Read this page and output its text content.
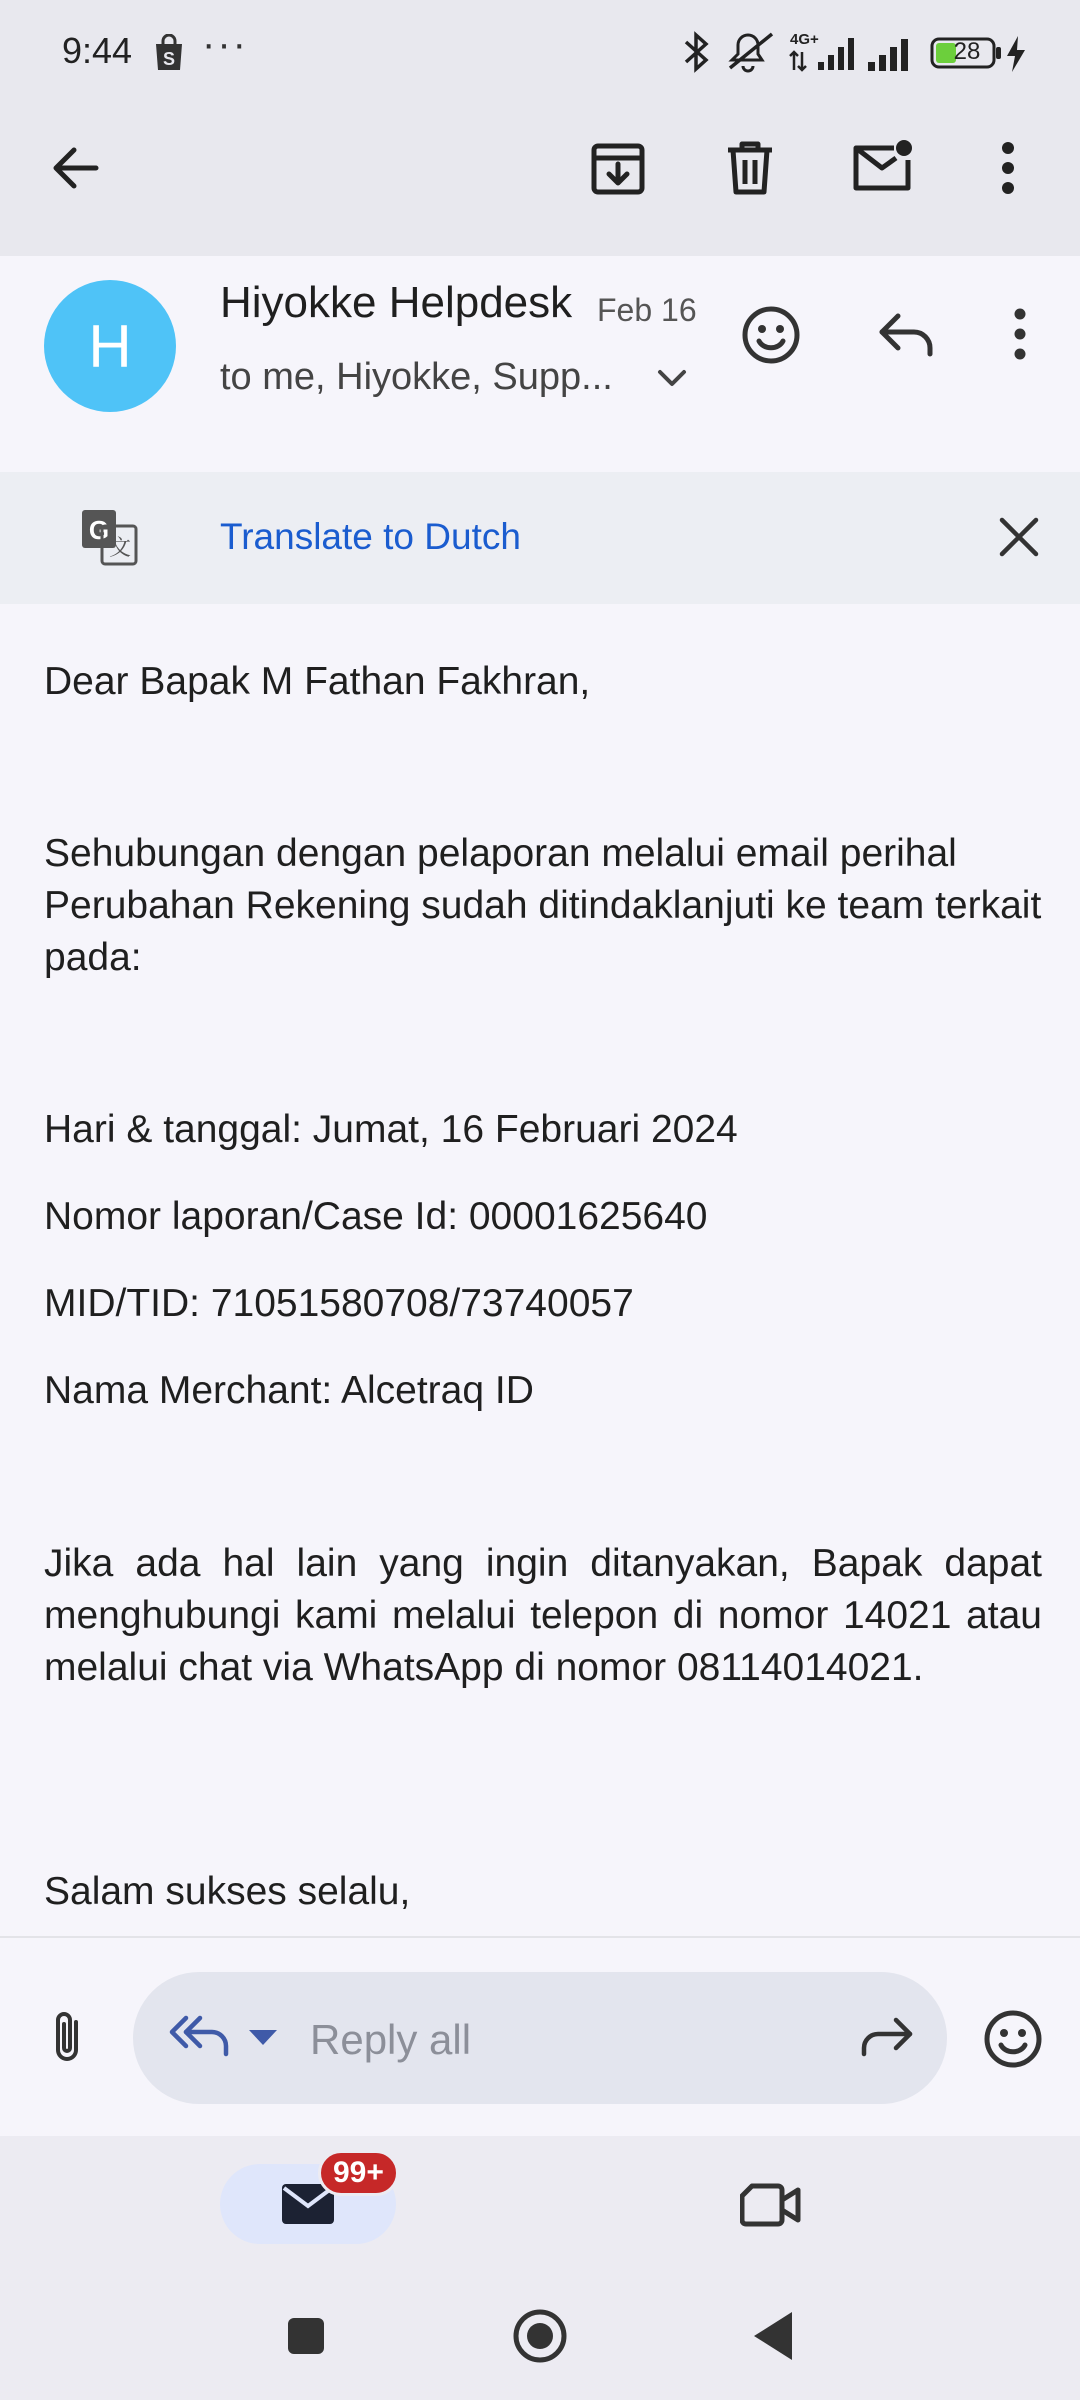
9:44 S ···	4G+	28
H
Hiyokke Helpdesk Feb 16
to me, Hiyokke, Supp...
G
文 Translate to Dutch
Dear Bapak M Fathan Fakhran,
Sehubungan dengan pelaporan melalui email perihal Perubahan Rekening sudah ditindaklanjuti ke team terkait pada:
Hari & tanggal: Jumat, 16 Februari 2024
Nomor laporan/Case Id: 00001625640
MID/TID: 71051580708/73740057
Nama Merchant: Alcetraq ID
Jika ada hal lain yang ingin ditanyakan, Bapak dapat menghubungi kami melalui telepon di nomor 14021 atau melalui chat via WhatsApp di nomor 08114014021.
Salam sukses selalu,
Reply all
99+
